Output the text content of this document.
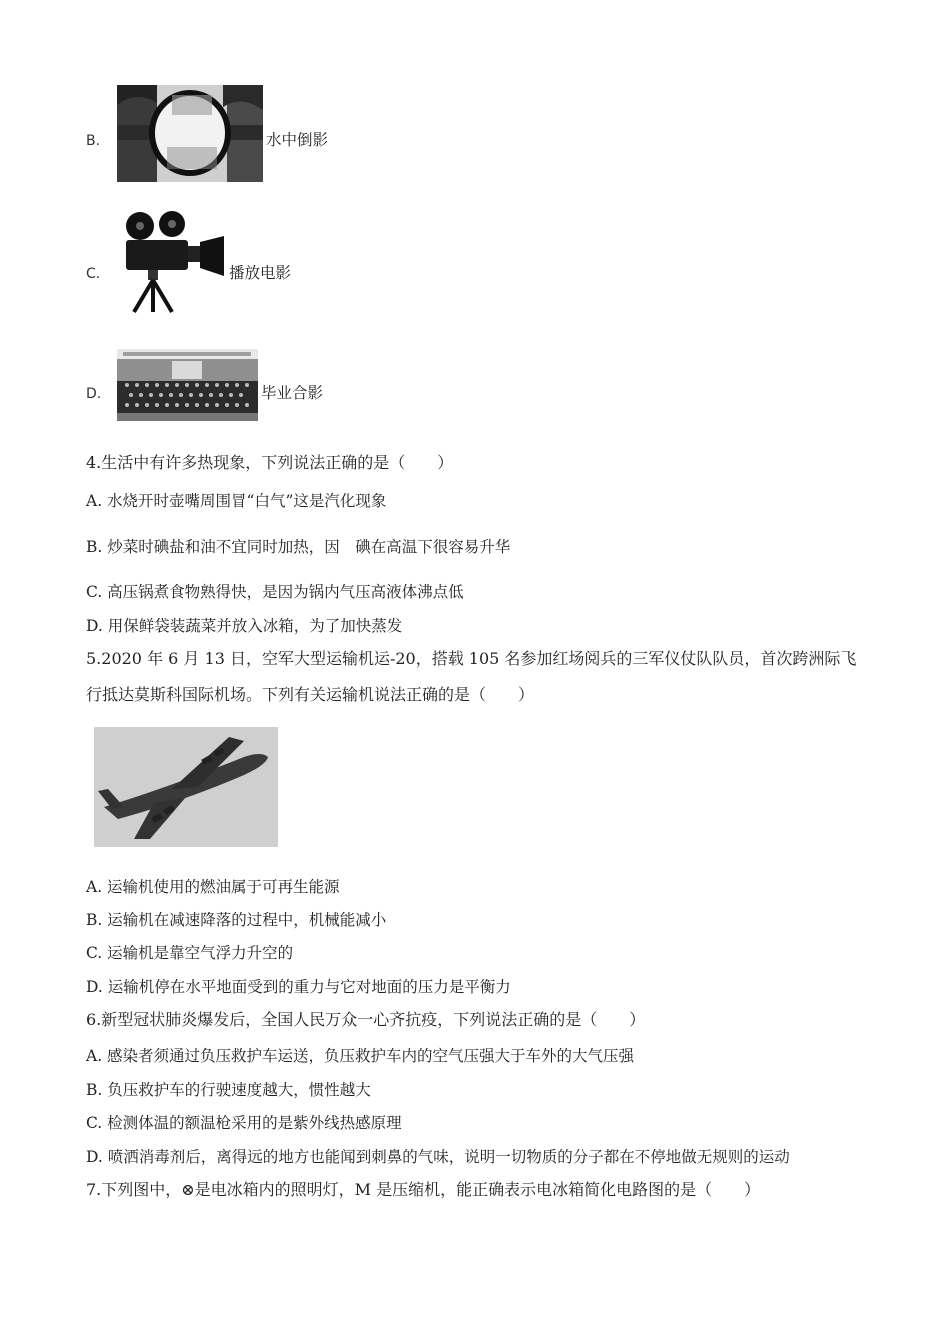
B.	水中倒影
C.	播放电影
D.	毕业合影
4.生活中有许多热现象，下列说法正确的是（　　）
A. 水烧开时壶嘴周围冒“白气”这是汽化现象
B. 炒菜时碘盐和油不宜同时加热，因　碘在高温下很容易升华
C. 高压锅煮食物熟得快，是因为锅内气压高液体沸点低
D. 用保鲜袋装蔬菜并放入冰箱，为了加快蒸发
5.2020 年 6 月 13 日，空军大型运输机运-20，搭载 105 名参加红场阅兵的三军仪仗队队员，首次跨洲际飞
行抵达莫斯科国际机场。下列有关运输机说法正确的是（　　）
A. 运输机使用的燃油属于可再生能源
B. 运输机在减速降落的过程中，机械能减小
C. 运输机是靠空气浮力升空的
D. 运输机停在水平地面受到的重力与它对地面的压力是平衡力
6.新型冠状肺炎爆发后，全国人民万众一心齐抗疫，下列说法正确的是（　　）
A. 感染者须通过负压救护车运送，负压救护车内的空气压强大于车外的大气压强
B. 负压救护车的行驶速度越大，惯性越大
C. 检测体温的额温枪采用的是紫外线热感原理
D. 喷洒消毒剂后，离得远的地方也能闻到刺鼻的气味，说明一切物质的分子都在不停地做无规则的运动
7.下列图中，⊗是电冰箱内的照明灯，M 是压缩机，能正确表示电冰箱简化电路图的是（　　）
